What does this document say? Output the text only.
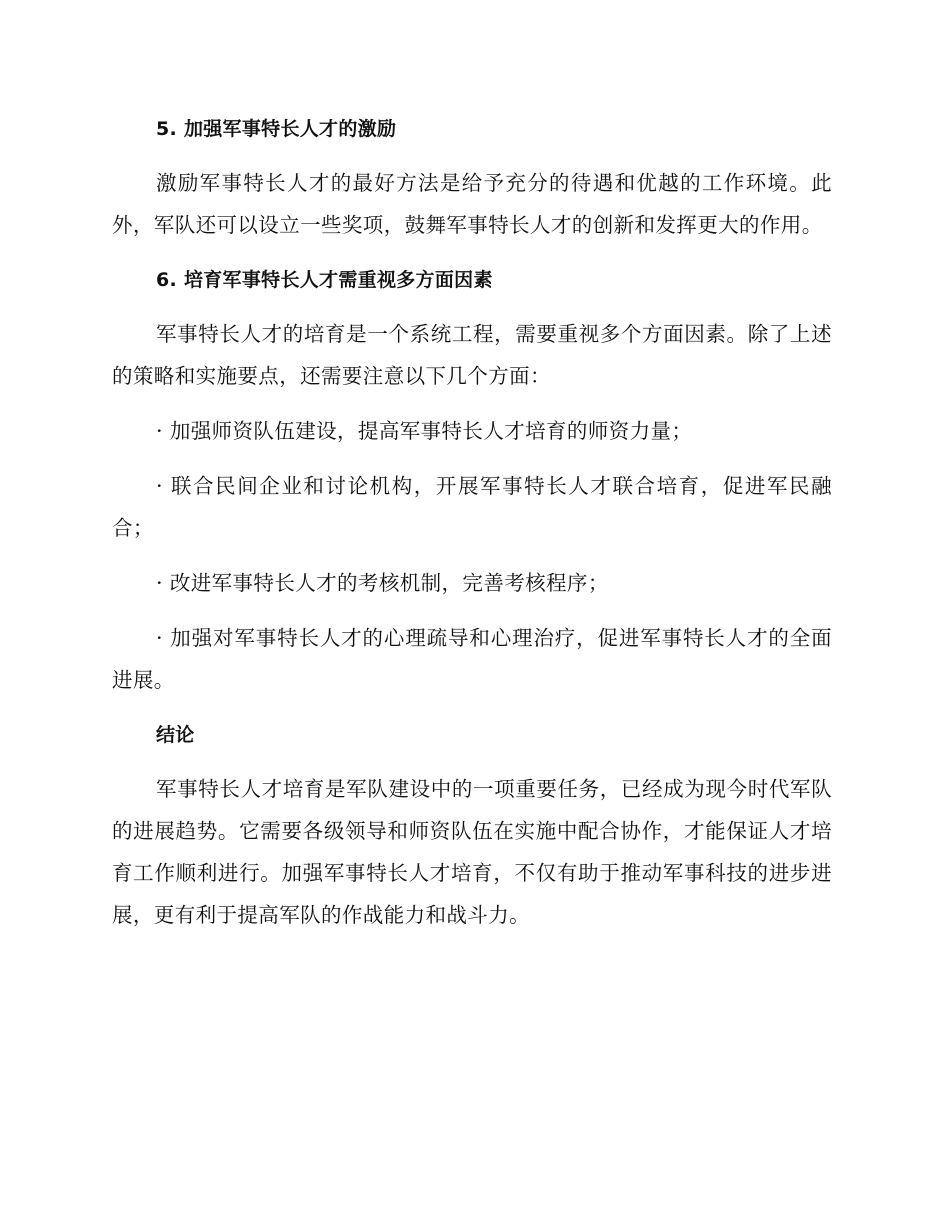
5. 加强军事特长人才的激励

激励军事特长人才的最好方法是给予充分的待遇和优越的工作环境。此外，军队还可以设立一些奖项，鼓舞军事特长人才的创新和发挥更大的作用。

6. 培育军事特长人才需重视多方面因素

军事特长人才的培育是一个系统工程，需要重视多个方面因素。除了上述的策略和实施要点，还需要注意以下几个方面：

· 加强师资队伍建设，提高军事特长人才培育的师资力量；

· 联合民间企业和讨论机构，开展军事特长人才联合培育，促进军民融合；

· 改进军事特长人才的考核机制，完善考核程序；

· 加强对军事特长人才的心理疏导和心理治疗，促进军事特长人才的全面进展。

结论

军事特长人才培育是军队建设中的一项重要任务，已经成为现今时代军队的进展趋势。它需要各级领导和师资队伍在实施中配合协作，才能保证人才培育工作顺利进行。加强军事特长人才培育，不仅有助于推动军事科技的进步进展，更有利于提高军队的作战能力和战斗力。
